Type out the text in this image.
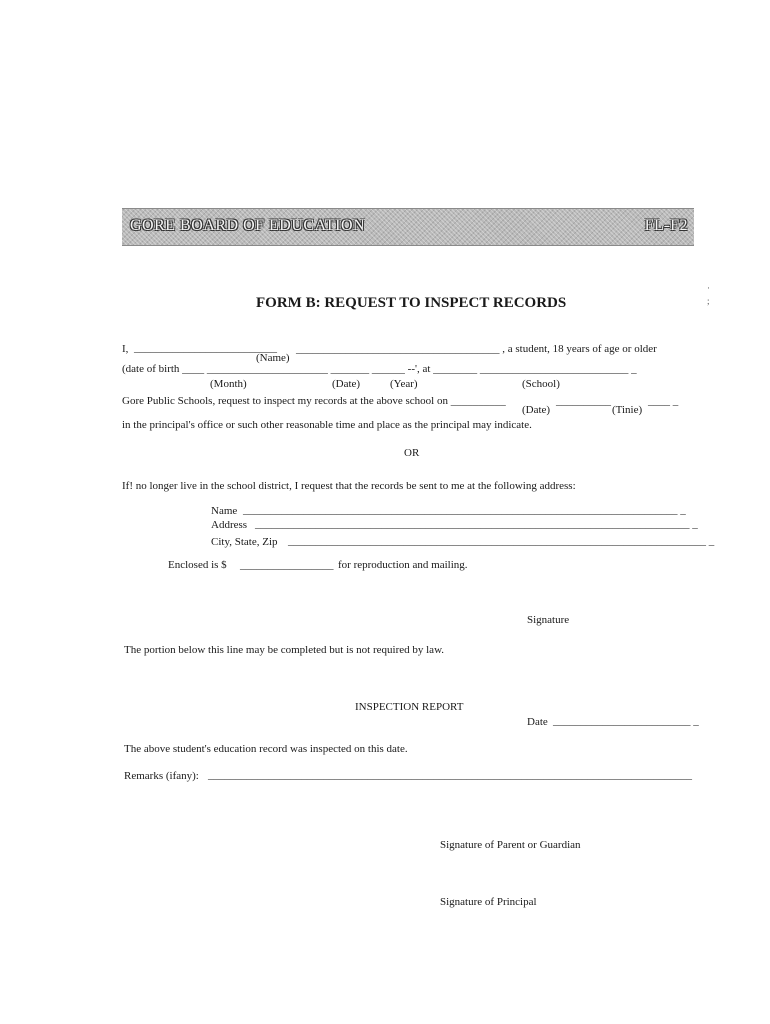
GORE BOARD OF EDUCATION	FL-F2
·
;
FORM B: REQUEST TO INSPECT RECORDS
I, __________________________ _____________________________________ , a student, 18 years of age or older
(Name)
(date of birth ____ ______________________ _______ ______ --', at ________ ___________________________ _
(Month)	(Date)	(Year)	(School)
Gore Public Schools, request to inspect my records at the above school on __________	__________	____ _
(Date)	(Tinie)
in the principal's office or such other reasonable time and place as the principal may indicate.
OR
If! no longer live in the school district, I request that the records be sent to me at the following address:
Name _______________________________________________________________________________ _
Address _______________________________________________________________________________ _
City, State, Zip ____________________________________________________________________________ _
Enclosed is $ _________________ for reproduction and mailing.
Signature
The portion below this line may be completed but is not required by law.
INSPECTION REPORT
Date _________________________ _
The above student's education record was inspected on this date.
Remarks (ifany): ________________________________________________________________________________________
Signature of Parent or Guardian
Signature of Principal
